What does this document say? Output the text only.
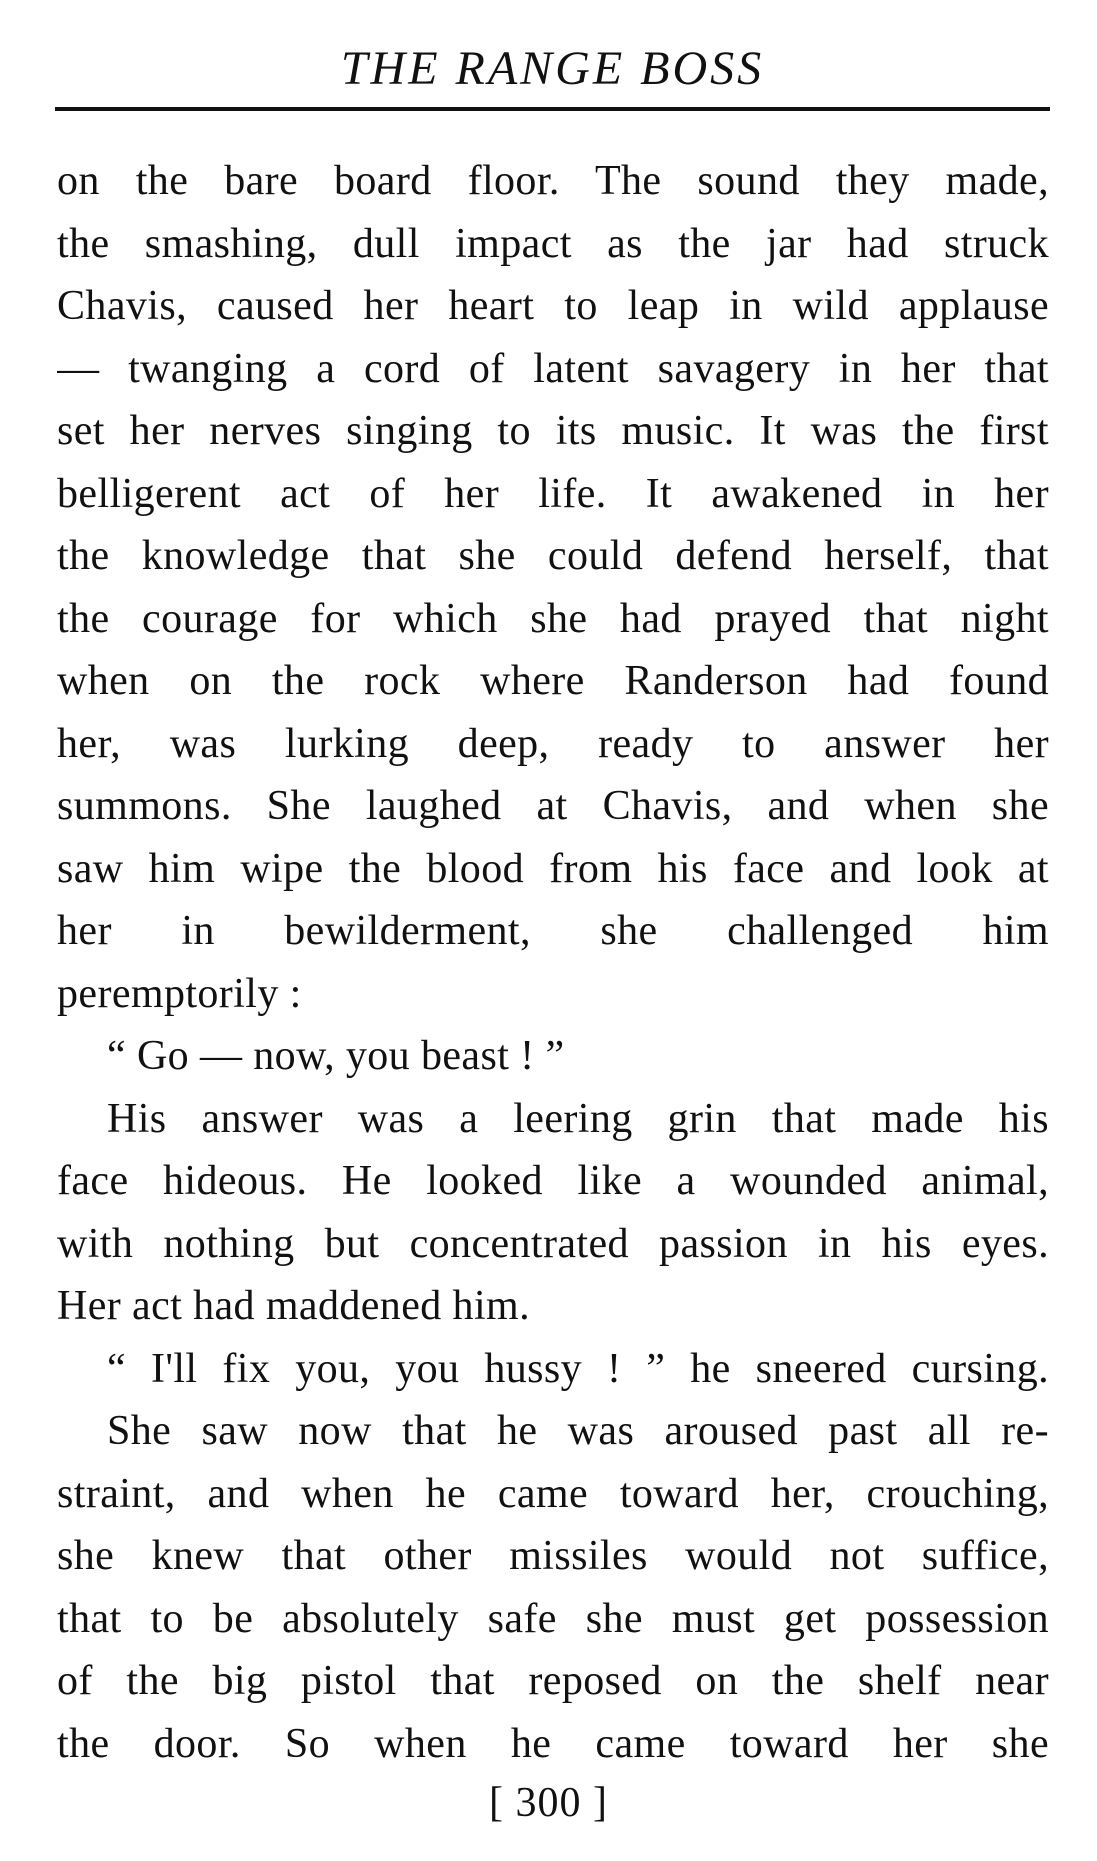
THE RANGE BOSS
on the bare board floor. The sound they made,
the smashing, dull impact as the jar had struck
Chavis, caused her heart to leap in wild applause
— twanging a cord of latent savagery in her that
set her nerves singing to its music. It was the first
belligerent act of her life. It awakened in her
the knowledge that she could defend herself, that
the courage for which she had prayed that night
when on the rock where Randerson had found
her, was lurking deep, ready to answer her
summons. She laughed at Chavis, and when she
saw him wipe the blood from his face and look at
her in bewilderment, she challenged him
peremptorily :
“ Go — now, you beast ! ”
His answer was a leering grin that made his
face hideous. He looked like a wounded animal,
with nothing but concentrated passion in his eyes.
Her act had maddened him.
“ I'll fix you, you hussy ! ” he sneered cursing.
She saw now that he was aroused past all re-
straint, and when he came toward her, crouching,
she knew that other missiles would not suffice,
that to be absolutely safe she must get possession
of the big pistol that reposed on the shelf near
the door. So when he came toward her she
[ 300 ]
